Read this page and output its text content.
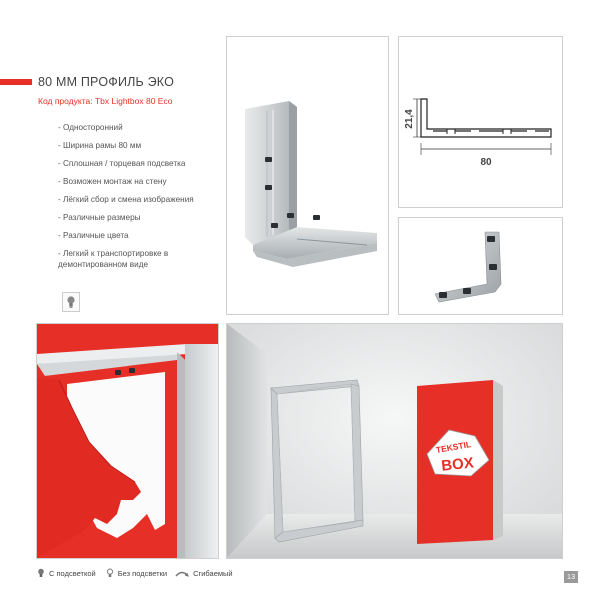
80 ММ ПРОФИЛЬ ЭКО
Код продукта: Tbx Lightbox 80 Eco
- Односторонний
- Ширина рамы 80 мм
- Сплошная / торцевая подсветка
- Возможен монтаж на стену
- Лёгкий сбор и смена изображения
- Различные размеры
- Различные цвета
- Легкий к транспортировке в демонтированном виде
21,4
80
TEKSTIL
BOX
С подсветкой	Без подсветки	Сгибаемый	13
